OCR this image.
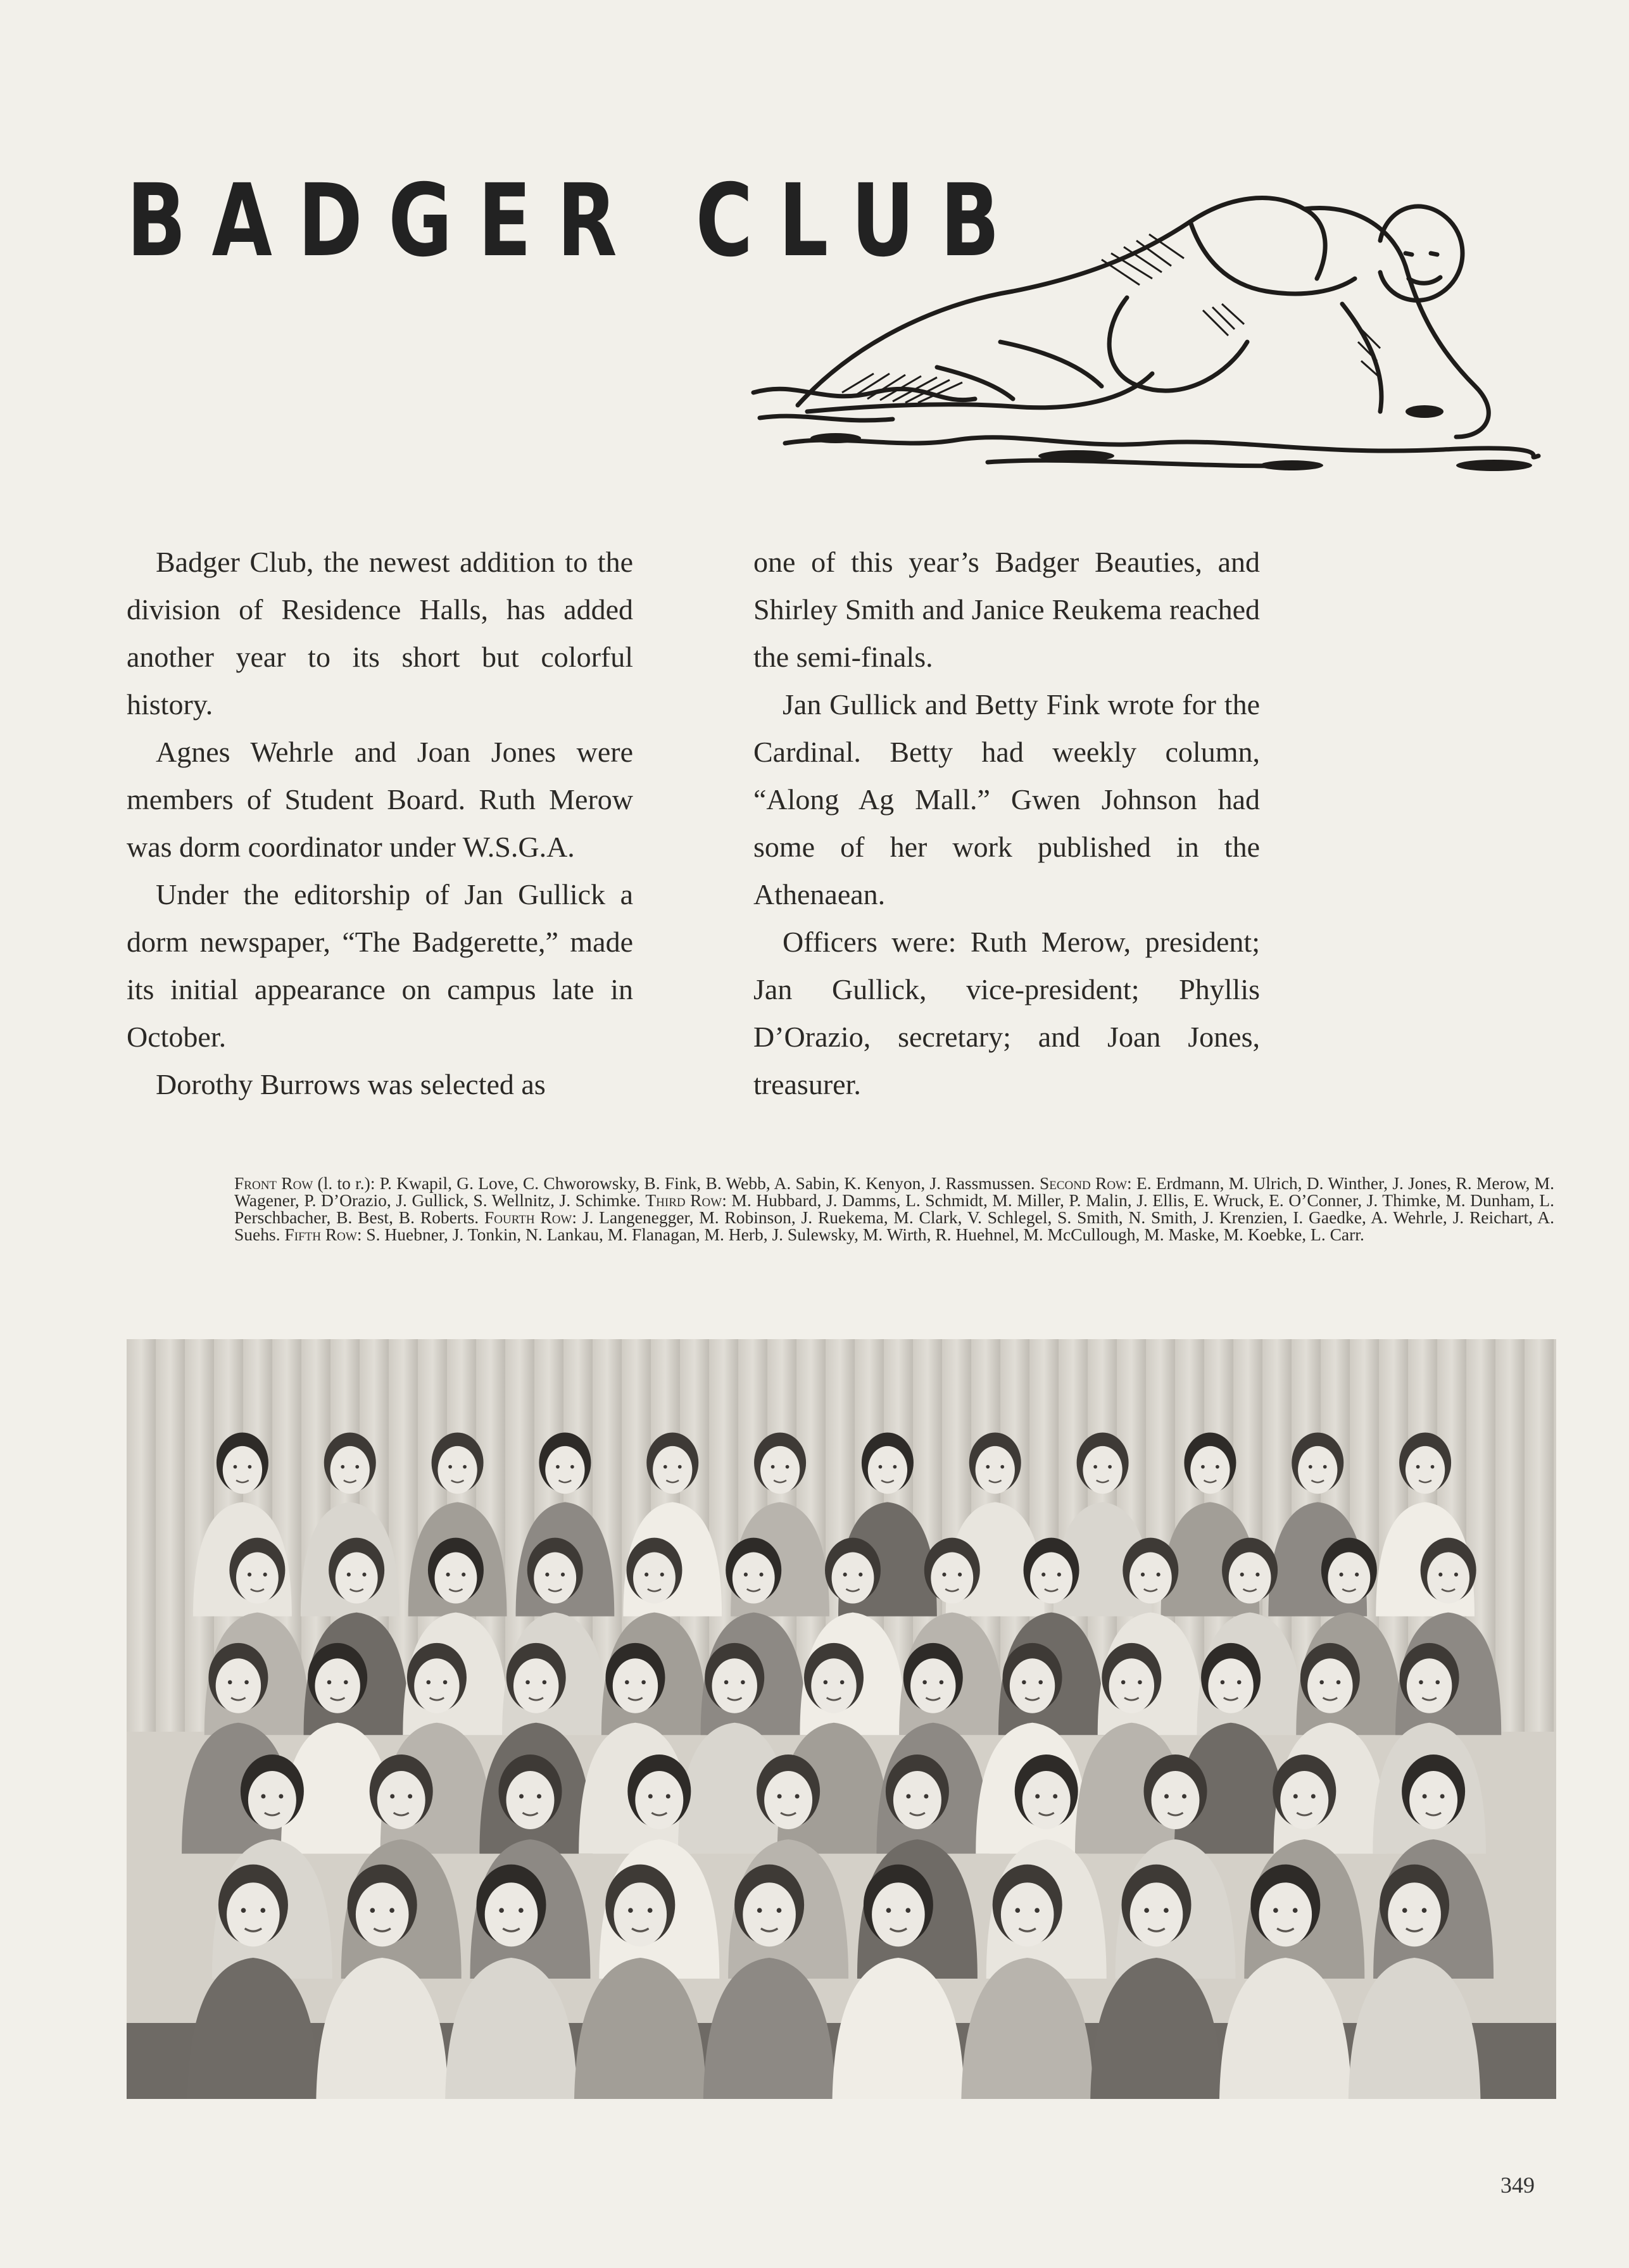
BADGER CLUB

Badger Club, the newest addition to the division of Residence Halls, has added another year to its short but colorful history.

Agnes Wehrle and Joan Jones were members of Student Board. Ruth Merow was dorm coordinator under W.S.G.A.

Under the editorship of Jan Gullick a dorm newspaper, “The Badgerette,” made its initial appearance on campus late in October.

Dorothy Burrows was selected as

one of this year’s Badger Beauties, and Shirley Smith and Janice Reukema reached the semi-finals.

Jan Gullick and Betty Fink wrote for the Cardinal. Betty had weekly column, “Along Ag Mall.” Gwen Johnson had some of her work published in the Athenaean.

Officers were: Ruth Merow, president; Jan Gullick, vice-president; Phyllis D’Orazio, secretary; and Joan Jones, treasurer.

Front Row (l. to r.): P. Kwapil, G. Love, C. Chworowsky, B. Fink, B. Webb, A. Sabin, K. Kenyon, J. Rassmussen. Second Row: E. Erdmann, M. Ulrich, D. Winther, J. Jones, R. Merow, M. Wagener, P. D’Orazio, J. Gullick, S. Wellnitz, J. Schimke. Third Row: M. Hubbard, J. Damms, L. Schmidt, M. Miller, P. Malin, J. Ellis, E. Wruck, E. O’Conner, J. Thimke, M. Dunham, L. Perschbacher, B. Best, B. Roberts. Fourth Row: J. Langenegger, M. Robinson, J. Ruekema, M. Clark, V. Schlegel, S. Smith, N. Smith, J. Krenzien, I. Gaedke, A. Wehrle, J. Reichart, A. Suehs. Fifth Row: S. Huebner, J. Tonkin, N. Lankau, M. Flanagan, M. Herb, J. Sulewsky, M. Wirth, R. Huehnel, M. McCullough, M. Maske, M. Koebke, L. Carr.
349
